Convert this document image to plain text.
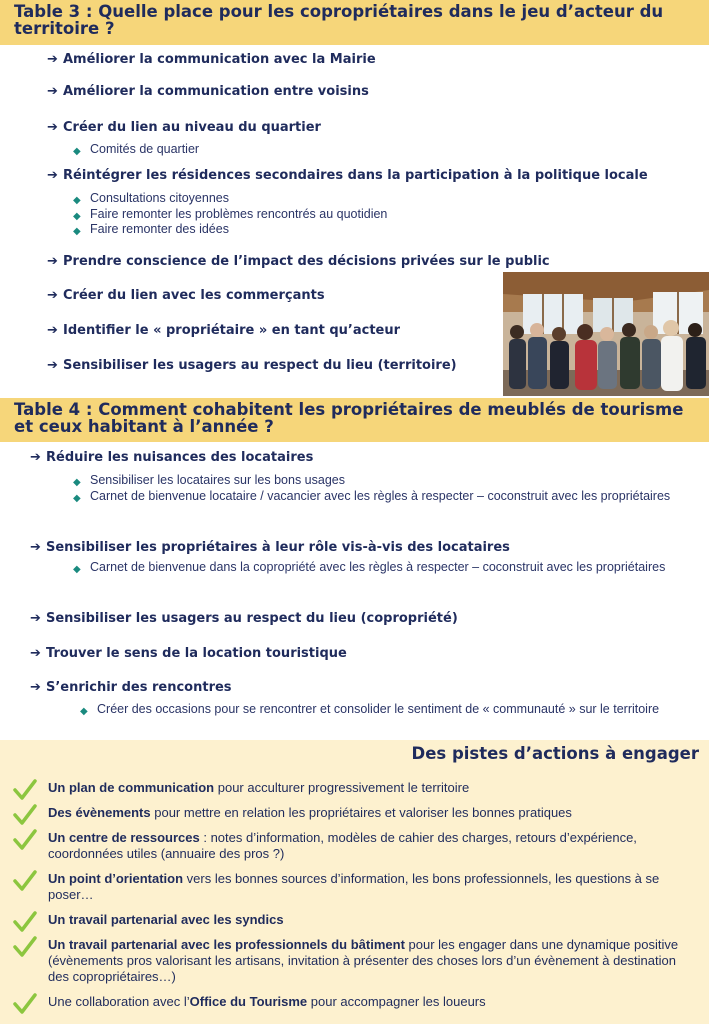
Table 3 : Quelle place pour les copropriétaires dans le jeu d’acteur du territoire ?
➔ Améliorer la communication avec la Mairie
➔ Améliorer la communication entre voisins
➔ Créer du lien au niveau du quartier
◆ Comités de quartier
➔ Réintégrer les résidences secondaires dans la participation à la politique locale
◆ Consultations citoyennes
◆ Faire remonter les problèmes rencontrés au quotidien
◆ Faire remonter des idées
➔ Prendre conscience de l’impact des décisions privées sur le public
➔ Créer du lien avec les commerçants
➔ Identifier le « propriétaire » en tant qu’acteur
➔ Sensibiliser les usagers au respect du lieu (territoire)
Table 4 : Comment cohabitent les propriétaires de meublés de tourisme et ceux habitant à l’année ?
➔ Réduire les nuisances des locataires
◆ Sensibiliser les locataires sur les bons usages
◆ Carnet de bienvenue locataire / vacancier avec les règles à respecter – coconstruit avec les propriétaires
➔ Sensibiliser les propriétaires à leur rôle vis-à-vis des locataires
◆ Carnet de bienvenue dans la copropriété avec les règles à respecter – coconstruit avec les propriétaires
➔ Sensibiliser les usagers au respect du lieu (copropriété)
➔ Trouver le sens de la location touristique
➔ S’enrichir des rencontres
◆ Créer des occasions pour se rencontrer et consolider le sentiment de « communauté » sur le territoire
Des pistes d’actions à engager
Un plan de communication pour acculturer progressivement le territoire
Des évènements pour mettre en relation les propriétaires et valoriser les bonnes pratiques
Un centre de ressources : notes d’information, modèles de cahier des charges, retours d’expérience, coordonnées utiles (annuaire des pros ?)
Un point d’orientation vers les bonnes sources d’information, les bons professionnels, les questions à se poser…
Un travail partenarial avec les syndics
Un travail partenarial avec les professionnels du bâtiment pour les engager dans une dynamique positive (évènements pros valorisant les artisans, invitation à présenter des choses lors d’un évènement à destination des copropriétaires…)
Une collaboration avec l’Office du Tourisme pour accompagner les loueurs
